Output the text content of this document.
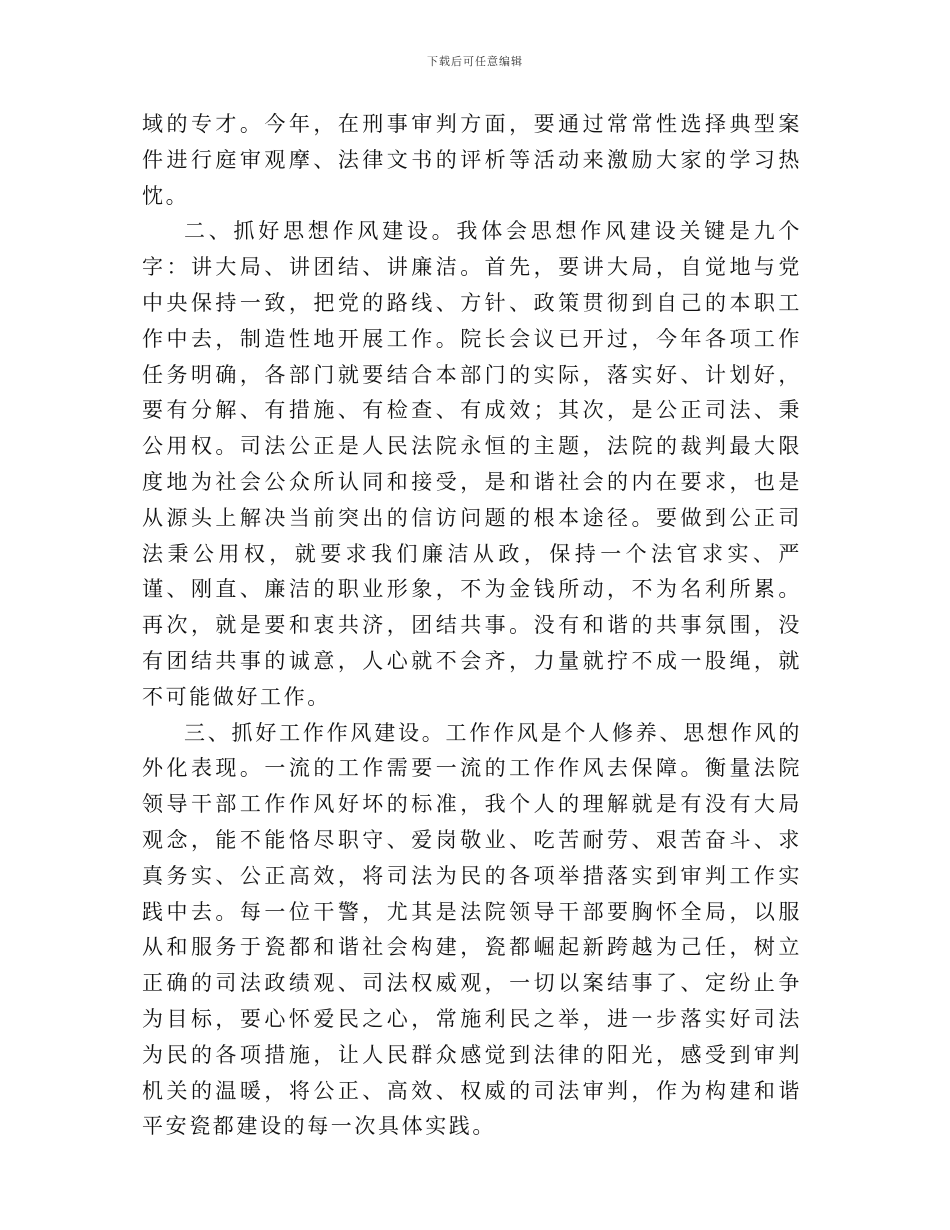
下载后可任意编辑

域的专才。今年，在刑事审判方面，要通过常常性选择典型案件进行庭审观摩、法律文书的评析等活动来激励大家的学习热忱。

二、抓好思想作风建设。我体会思想作风建设关键是九个字：讲大局、讲团结、讲廉洁。首先，要讲大局，自觉地与党中央保持一致，把党的路线、方针、政策贯彻到自己的本职工作中去，制造性地开展工作。院长会议已开过，今年各项工作任务明确，各部门就要结合本部门的实际，落实好、计划好，要有分解、有措施、有检查、有成效；其次，是公正司法、秉公用权。司法公正是人民法院永恒的主题，法院的裁判最大限度地为社会公众所认同和接受，是和谐社会的内在要求，也是从源头上解决当前突出的信访问题的根本途径。要做到公正司法秉公用权，就要求我们廉洁从政，保持一个法官求实、严谨、刚直、廉洁的职业形象，不为金钱所动，不为名利所累。再次，就是要和衷共济，团结共事。没有和谐的共事氛围，没有团结共事的诚意，人心就不会齐，力量就拧不成一股绳，就不可能做好工作。

三、抓好工作作风建设。工作作风是个人修养、思想作风的外化表现。一流的工作需要一流的工作作风去保障。衡量法院领导干部工作作风好坏的标准，我个人的理解就是有没有大局观念，能不能恪尽职守、爱岗敬业、吃苦耐劳、艰苦奋斗、求真务实、公正高效，将司法为民的各项举措落实到审判工作实践中去。每一位干警，尤其是法院领导干部要胸怀全局，以服从和服务于瓷都和谐社会构建，瓷都崛起新跨越为己任，树立正确的司法政绩观、司法权威观，一切以案结事了、定纷止争为目标，要心怀爱民之心，常施利民之举，进一步落实好司法为民的各项措施，让人民群众感觉到法律的阳光，感受到审判机关的温暖，将公正、高效、权威的司法审判，作为构建和谐平安瓷都建设的每一次具体实践。
